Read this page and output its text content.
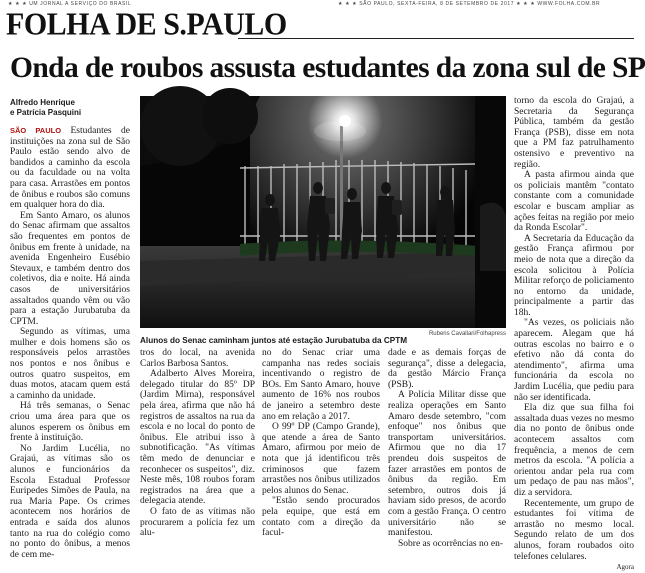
★ ★ ★ UM JORNAL A SERVIÇO DO BRASIL	★ ★ ★ SÃO PAULO, SEXTA-FEIRA, 8 DE SETEMBRO DE 2017 ★ ★ ★ WWW.FOLHA.COM.BR
FOLHA DE S.PAULO
Onda de roubos assusta estudantes da zona sul de SP
Alfredo Henrique
e Patrícia Pasquini

SÃO PAULO Estudantes de instituições na zona sul de São Paulo estão sendo alvo de bandidos a caminho da escola ou da faculdade ou na volta para casa. Arrastões em pontos de ônibus e roubos são comuns em qualquer hora do dia.

Em Santo Amaro, os alunos do Senac afirmam que assaltos são frequentes em pontos de ônibus em frente à unidade, na avenida Engenheiro Eusébio Stevaux, e também dentro dos coletivos, dia e noite. Há ainda casos de universitários assaltados quando vêm ou vão para a estação Jurubatuba da CPTM.

Segundo as vítimas, uma mulher e dois homens são os responsáveis pelos arrastões nos pontos e nos ônibus e outros quatro suspeitos, em duas motos, atacam quem está a caminho da unidade.

Há três semanas, o Senac criou uma área para que os alunos esperem os ônibus em frente à instituição.

No Jardim Lucélia, no Grajaú, as vítimas são os alunos e funcionários da Escola Estadual Professor Euripedes Simões de Paula, na rua Maria Pape. Os crimes acontecem nos horários de entrada e saída dos alunos tanto na rua do colégio como no ponto do ônibus, a menos de cem me-

Alunos do Senac caminham juntos até estação Jurubatuba da CPTM
Rubens Cavallari/Folhapress

tros do local, na avenida Carlos Barbosa Santos.

Adalberto Alves Moreira, delegado titular do 85º DP (Jardim Mirna), responsável pela área, afirma que não há registros de assaltos na rua da escola e no local do ponto de ônibus. Ele atribui isso à subnotificação. "As vítimas têm medo de denunciar e reconhecer os suspeitos", diz. Neste mês, 108 roubos foram registrados na área que a delegacia atende.

O fato de as vítimas não procurarem a polícia fez um alu-

no do Senac criar uma campanha nas redes sociais incentivando o registro de BOs. Em Santo Amaro, houve aumento de 16% nos roubos de janeiro a setembro deste ano em relação a 2017.

O 99º DP (Campo Grande), que atende a área de Santo Amaro, afirmou por meio de nota que já identificou três criminosos que fazem arrastões nos ônibus utilizados pelos alunos do Senac.

"Estão sendo procurados pela equipe, que está em contato com a direção da facul-

dade e as demais forças de segurança", disse a delegacia, da gestão Márcio França (PSB).

A Polícia Militar disse que realiza operações em Santo Amaro desde setembro, "com enfoque" nos ônibus que transportam universitários. Afirmou que no dia 17 prendeu dois suspeitos de fazer arrastões em pontos de ônibus da região. Em setembro, outros dois já haviam sido presos, de acordo com a gestão França. O centro universitário não se manifestou.

Sobre as ocorrências no en-

torno da escola do Grajaú, a Secretaria da Segurança Pública, também da gestão França (PSB), disse em nota que a PM faz patrulhamento ostensivo e preventivo na região.

A pasta afirmou ainda que os policiais mantêm "contato constante com a comunidade escolar e buscam ampliar as ações feitas na região por meio da Ronda Escolar".

A Secretaria da Educação da gestão França afirmou por meio de nota que a direção da escola solicitou à Polícia Militar reforço de policiamento no entorno da unidade, principalmente a partir das 18h.

"As vezes, os policiais não aparecem. Alegam que há outras escolas no bairro e o efetivo não dá conta do atendimento", afirma uma funcionária da escola no Jardim Lucélia, que pediu para não ser identificada.

Ela diz que sua filha foi assaltada duas vezes no mesmo dia no ponto de ônibus onde acontecem assaltos com frequência, a menos de cem metros da escola. "A polícia a orientou andar pela rua com um pedaço de pau nas mãos", diz a servidora.

Recentemente, um grupo de estudantes foi vítima de arrastão no mesmo local. Segundo relato de um dos alunos, foram roubados oito telefones celulares.

Agora
